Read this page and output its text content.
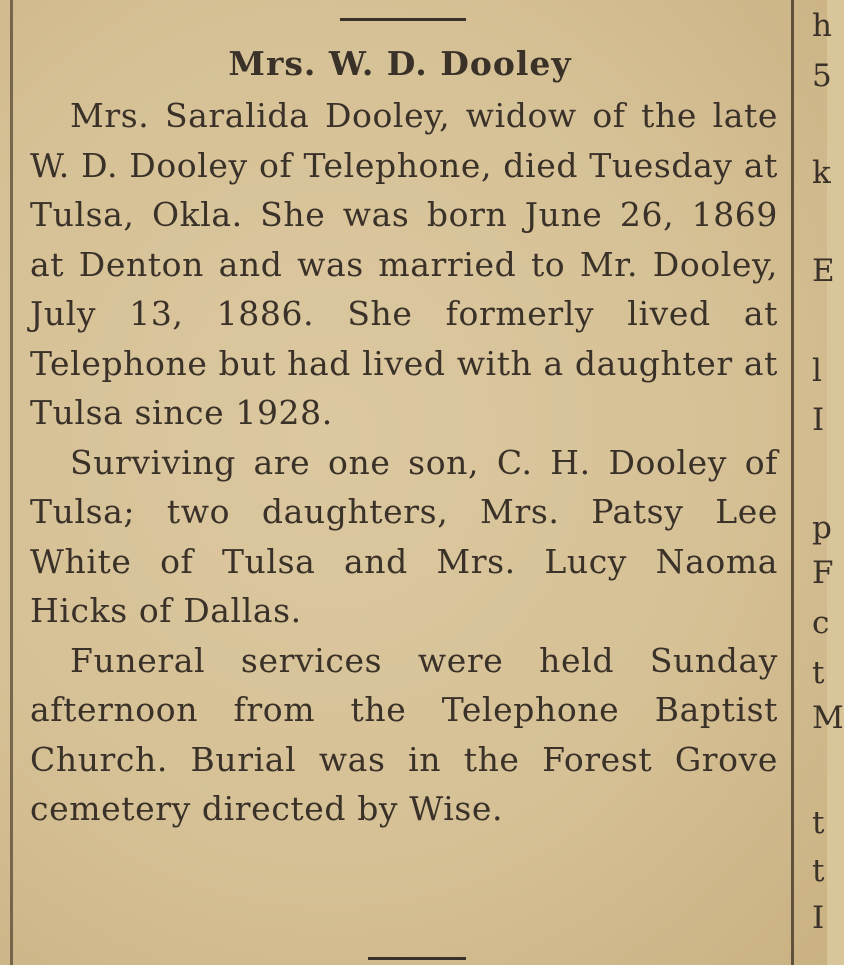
Mrs. W. D. Dooley

Mrs. Saralida Dooley, widow of the late W. D. Dooley of Telephone, died Tuesday at Tulsa, Okla. She was born June 26, 1869 at Denton and was married to Mr. Dooley, July 13, 1886. She formerly lived at Telephone but had lived with a daughter at Tulsa since 1928.

Surviving are one son, C. H. Dooley of Tulsa; two daughters, Mrs. Patsy Lee White of Tulsa and Mrs. Lucy Naoma Hicks of Dallas.

Funeral services were held Sunday afternoon from the Telephone Baptist Church. Burial was in the Forest Grove cemetery directed by Wise.

h
5
k
E
l
I
p
F
c
t
M
t
t
I
